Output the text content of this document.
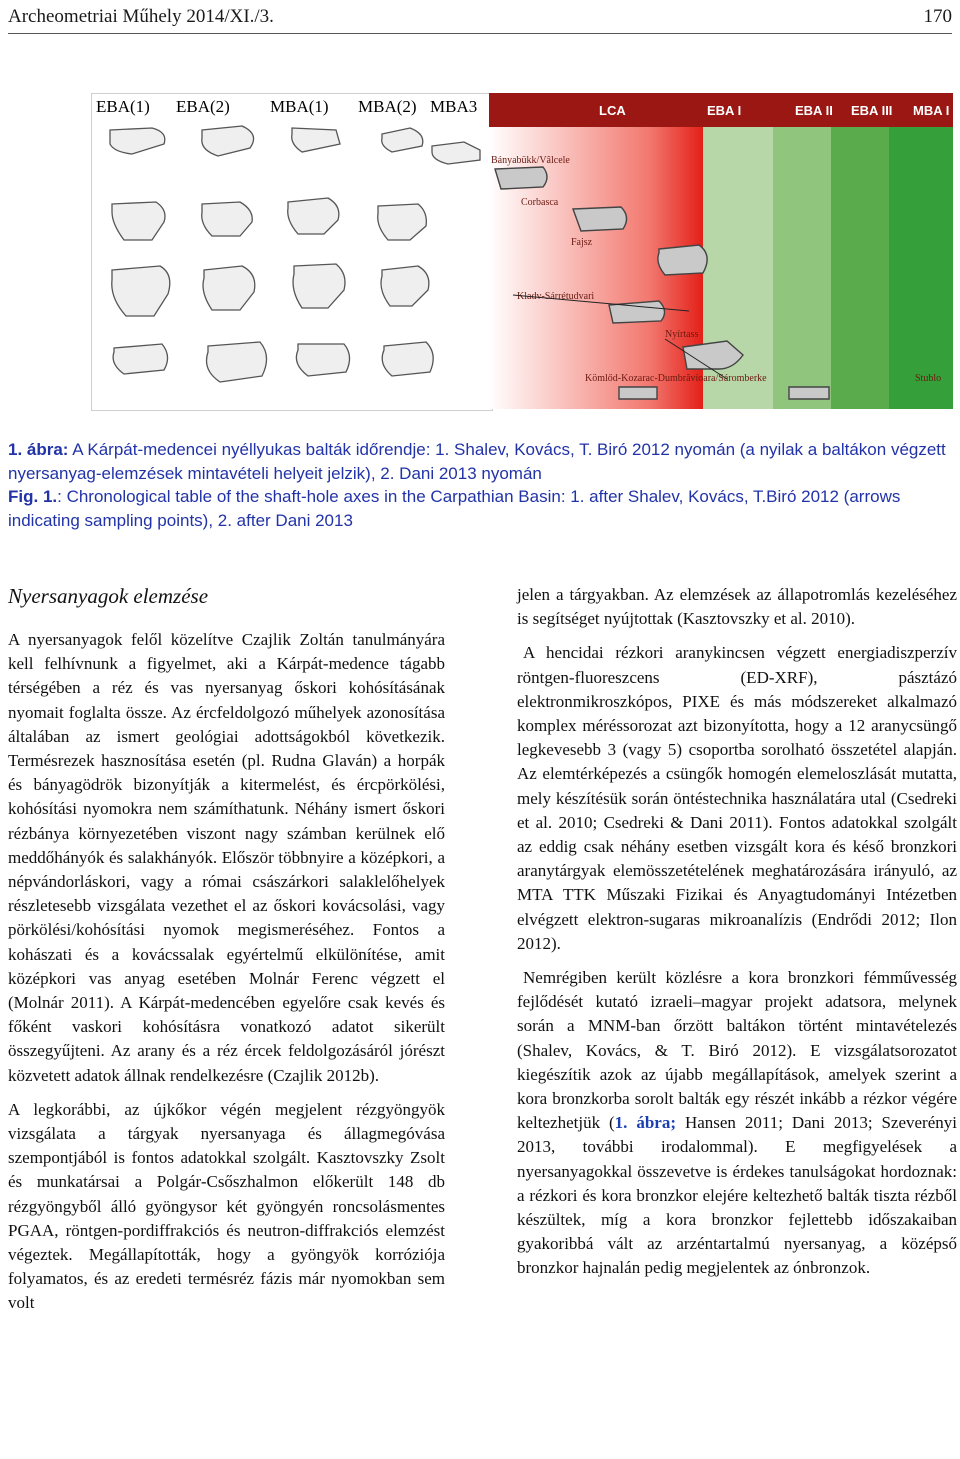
Archeometriai Műhely 2014/XI./3.	170
EBA(1) EBA(2) MBA(1) MBA(2) MBA3	LCA	EBA I	EBA II EBA III MBA I
Bányabükk/Vâlcele
Corbasca
Fajsz
Kladv-Sárrétudvari
Nyírtass
Kömlőd-Kozarac-Dumbrăvioara/Sáromberke	Stublo
1. ábra: A Kárpát-medencei nyéllyukas balták időrendje: 1. Shalev, Kovács, T. Biró 2012 nyomán (a nyilak a baltákon végzett nyersanyag-elemzések mintavételi helyeit jelzik), 2. Dani 2013 nyomán
Fig. 1.: Chronological table of the shaft-hole axes in the Carpathian Basin: 1. after Shalev, Kovács, T.Biró 2012 (arrows indicating sampling points), 2. after Dani 2013
Nyersanyagok elemzése

A nyersanyagok felől közelítve Czajlik Zoltán tanulmányára kell felhívnunk a figyelmet, aki a Kárpát-medence tágabb térségében a réz és vas nyersanyag őskori kohósításának nyomait foglalta össze. Az ércfeldolgozó műhelyek azonosítása általában az ismert geológiai adottságokból következik. Termésrezek hasznosítása esetén (pl. Rudna Glaván) a horpák és bányagödrök bizonyítják a kitermelést, és ércpörkölési, kohósítási nyomokra nem számíthatunk. Néhány ismert őskori rézbánya környezetében viszont nagy számban kerülnek elő meddőhányók és salakhányók. Először többnyire a középkori, a népvándorláskori, vagy a római császárkori salaklelőhelyek részletesebb vizsgálata vezethet el az őskori kovácsolási, vagy pörkölési/kohósítási nyomok megismeréséhez. Fontos a kohászati és a kovácssalak egyértelmű elkülönítése, amit középkori vas anyag esetében Molnár Ferenc végzett el (Molnár 2011). A Kárpát-medencében egyelőre csak kevés és főként vaskori kohósításra vonatkozó adatot sikerült összegyűjteni. Az arany és a réz ércek feldolgozásáról jórészt közvetett adatok állnak rendelkezésre (Czajlik 2012b).

A legkorábbi, az újkőkor végén megjelent rézgyöngyök vizsgálata a tárgyak nyersanyaga és állagmegóvása szempontjából is fontos adatokkal szolgált. Kasztovszky Zsolt és munkatársai a Polgár-Csőszhalmon előkerült 148 db rézgyöngyből álló gyöngysor két gyöngyén roncsolásmentes PGAA, röntgen-pordiffrakciós és neutron-diffrakciós elemzést végeztek. Megállapították, hogy a gyöngyök korróziója folyamatos, és az eredeti termésréz fázis már nyomokban sem volt

jelen a tárgyakban. Az elemzések az állapotromlás kezeléséhez is segítséget nyújtottak (Kasztovszky et al. 2010).

A hencidai rézkori aranykincsen végzett energiadiszperzív röntgen-fluoreszcens (ED-XRF), pásztázó elektronmikroszkópos, PIXE és más módszereket alkalmazó komplex méréssorozat azt bizonyította, hogy a 12 aranycsüngő legkevesebb 3 (vagy 5) csoportba sorolható összetétel alapján. Az elemtérképezés a csüngők homogén elemeloszlását mutatta, mely készítésük során öntéstechnika használatára utal (Csedreki et al. 2010; Csedreki & Dani 2011). Fontos adatokkal szolgált az eddig csak néhány esetben vizsgált kora és késő bronzkori aranytárgyak elemösszetételének meghatározására irányuló, az MTA TTK Műszaki Fizikai és Anyagtudományi Intézetben elvégzett elektron-sugaras mikroanalízis (Endrődi 2012; Ilon 2012).

Nemrégiben került közlésre a kora bronzkori fémművesség fejlődését kutató izraeli–magyar projekt adatsora, melynek során a MNM-ban őrzött baltákon történt mintavételezés (Shalev, Kovács, & T. Biró 2012). E vizsgálatsorozatot kiegészítik azok az újabb megállapítások, amelyek szerint a kora bronzkorba sorolt balták egy részét inkább a rézkor végére keltezhetjük (1. ábra; Hansen 2011; Dani 2013; Szeverényi 2013, további irodalommal). E megfigyelések a nyersanyagokkal összevetve is érdekes tanulságokat hordoznak: a rézkori és kora bronzkor elejére keltezhető balták tiszta rézből készültek, míg a kora bronzkor fejlettebb időszakaiban gyakoribbá vált az arzéntartalmú nyersanyag, a középső bronzkor hajnalán pedig megjelentek az ónbronzok.
